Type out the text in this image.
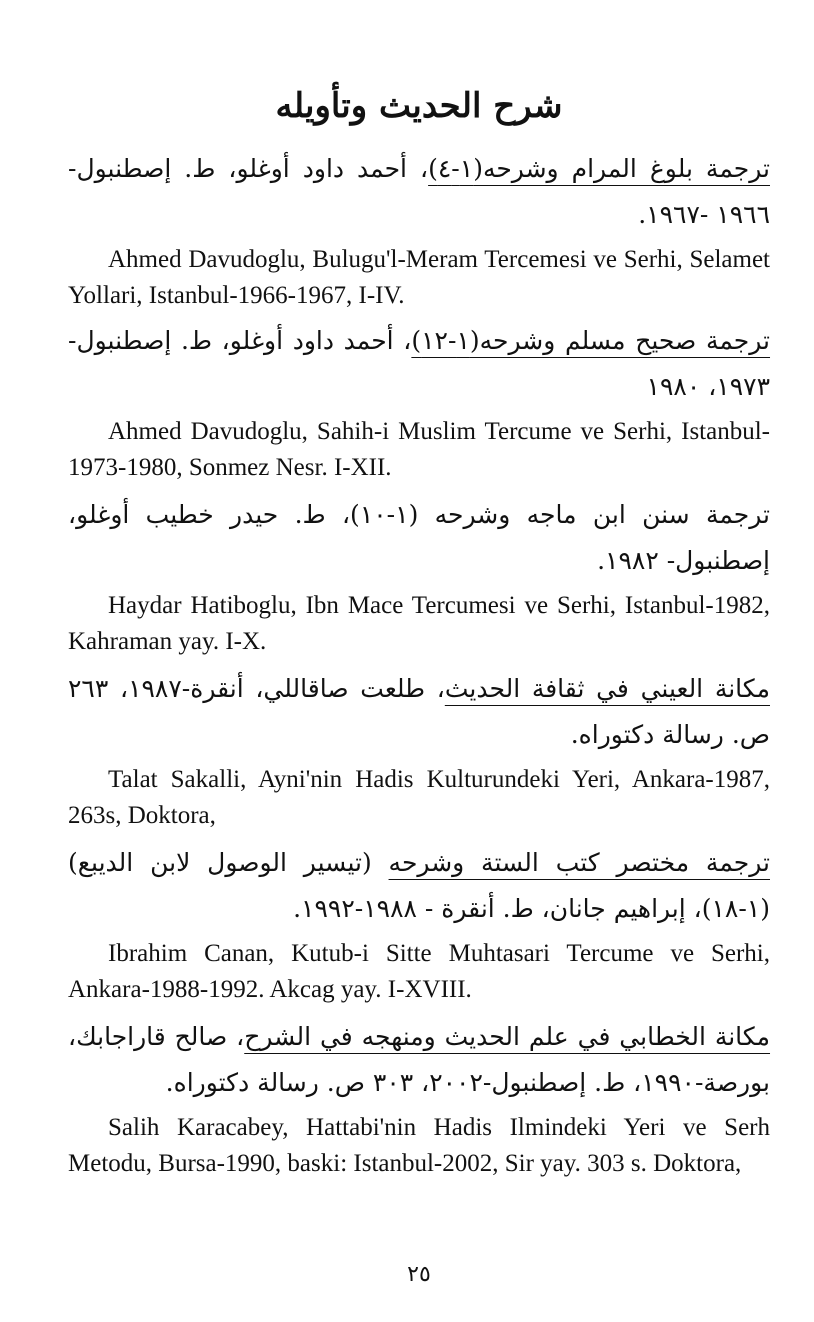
شرح الحديث وتأويله

ترجمة بلوغ المرام وشرحه(١-٤)، أحمد داود أوغلو، ط. إصطنبول- ١٩٦٦ -١٩٦٧.

Ahmed Davudoglu, Bulugu'l-Meram Tercemesi ve Serhi, Selamet Yollari, Istanbul-1966-1967, I-IV.

ترجمة صحيح مسلم وشرحه(١-١٢)، أحمد داود أوغلو، ط. إصطنبول- ١٩٧٣، ١٩٨٠

Ahmed Davudoglu, Sahih-i Muslim Tercume ve Serhi, Istanbul-1973-1980, Sonmez Nesr. I-XII.

ترجمة سنن ابن ماجه وشرحه (١-١٠)، ط. حيدر خطيب أوغلو، إصطنبول- ١٩٨٢.

Haydar Hatiboglu, Ibn Mace Tercumesi ve Serhi, Istanbul-1982, Kahraman yay. I-X.

مكانة العيني في ثقافة الحديث، طلعت صاقاللي، أنقرة-١٩٨٧، ٢٦٣ ص. رسالة دكتوراه.

Talat Sakalli, Ayni'nin Hadis Kulturundeki Yeri, Ankara-1987, 263s, Doktora,

ترجمة مختصر كتب الستة وشرحه (تيسير الوصول لابن الديبع) (١-١٨)، إبراهيم جانان، ط. أنقرة - ١٩٨٨-١٩٩٢.

Ibrahim Canan, Kutub-i Sitte Muhtasari Tercume ve Serhi, Ankara-1988-1992. Akcag yay. I-XVIII.

مكانة الخطابي في علم الحديث ومنهجه في الشرح، صالح قاراجابك، بورصة-١٩٩٠، ط. إصطنبول-٢٠٠٢، ٣٠٣ ص. رسالة دكتوراه.

Salih Karacabey, Hattabi'nin Hadis Ilmindeki Yeri ve Serh Metodu, Bursa-1990, baski: Istanbul-2002, Sir yay. 303 s. Doktora,

٢٥
